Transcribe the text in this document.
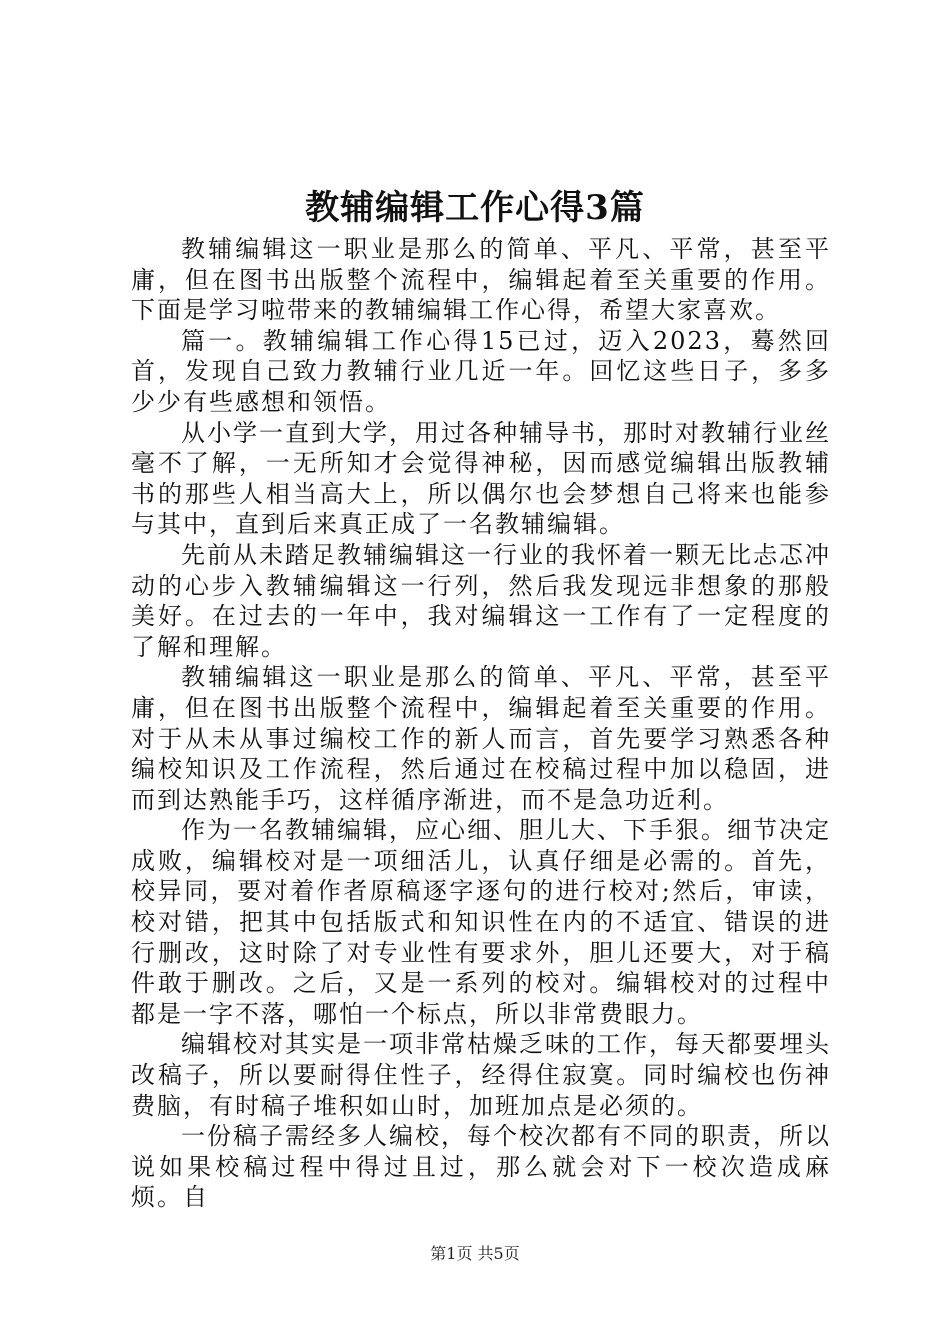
教辅编辑工作心得3篇

教辅编辑这一职业是那么的简单、平凡、平常，甚至平庸，但在图书出版整个流程中，编辑起着至关重要的作用。下面是学习啦带来的教辅编辑工作心得，希望大家喜欢。

篇一。教辅编辑工作心得15已过，迈入2023，蓦然回首，发现自己致力教辅行业几近一年。回忆这些日子，多多少少有些感想和领悟。

从小学一直到大学，用过各种辅导书，那时对教辅行业丝毫不了解，一无所知才会觉得神秘，因而感觉编辑出版教辅书的那些人相当高大上，所以偶尔也会梦想自己将来也能参与其中，直到后来真正成了一名教辅编辑。

先前从未踏足教辅编辑这一行业的我怀着一颗无比忐忑冲动的心步入教辅编辑这一行列，然后我发现远非想象的那般美好。在过去的一年中，我对编辑这一工作有了一定程度的了解和理解。

教辅编辑这一职业是那么的简单、平凡、平常，甚至平庸，但在图书出版整个流程中，编辑起着至关重要的作用。对于从未从事过编校工作的新人而言，首先要学习熟悉各种编校知识及工作流程，然后通过在校稿过程中加以稳固，进而到达熟能手巧，这样循序渐进，而不是急功近利。

作为一名教辅编辑，应心细、胆儿大、下手狠。细节决定成败，编辑校对是一项细活儿，认真仔细是必需的。首先，校异同，要对着作者原稿逐字逐句的进行校对;然后，审读，校对错，把其中包括版式和知识性在内的不适宜、错误的进行删改，这时除了对专业性有要求外，胆儿还要大，对于稿件敢于删改。之后，又是一系列的校对。编辑校对的过程中都是一字不落，哪怕一个标点，所以非常费眼力。

编辑校对其实是一项非常枯燥乏味的工作，每天都要埋头改稿子，所以要耐得住性子，经得住寂寞。同时编校也伤神费脑，有时稿子堆积如山时，加班加点是必须的。

一份稿子需经多人编校，每个校次都有不同的职责，所以说如果校稿过程中得过且过，那么就会对下一校次造成麻烦。自

第1页 共5页
